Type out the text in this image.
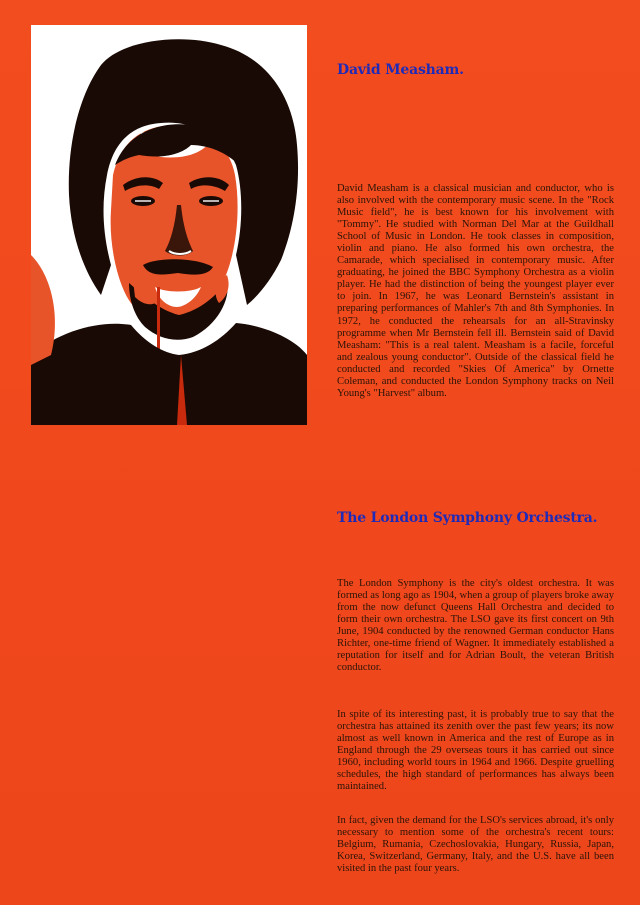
David Measham.
David Measham is a classical musician and conductor, who is also involved with the contemporary music scene. In the "Rock Music field", he is best known for his involvement with "Tommy". He studied with Norman Del Mar at the Guildhall School of Music in London. He took classes in composition, violin and piano. He also formed his own orchestra, the Camarade, which specialised in contemporary music. After graduating, he joined the BBC Symphony Orchestra as a violin player. He had the distinction of being the youngest player ever to join. In 1967, he was Leonard Bernstein's assistant in preparing performances of Mahler's 7th and 8th Symphonies. In 1972, he conducted the rehearsals for an all-Stravinsky programme when Mr Bernstein fell ill. Bernstein said of David Measham: "This is a real talent. Measham is a facile, forceful and zealous young conductor". Outside of the classical field he conducted and recorded "Skies Of America" by Ornette Coleman, and conducted the London Symphony tracks on Neil Young's "Harvest" album.
The London Symphony Orchestra.
The London Symphony is the city's oldest orchestra. It was formed as long ago as 1904, when a group of players broke away from the now defunct Queens Hall Orchestra and decided to form their own orchestra. The LSO gave its first concert on 9th June, 1904 conducted by the renowned German conductor Hans Richter, one-time friend of Wagner. It immediately established a reputation for itself and for Adrian Boult, the veteran British conductor.
In spite of its interesting past, it is probably true to say that the orchestra has attained its zenith over the past few years; its now almost as well known in America and the rest of Europe as in England through the 29 overseas tours it has carried out since 1960, including world tours in 1964 and 1966. Despite gruelling schedules, the high standard of performances has always been maintained.
In fact, given the demand for the LSO's services abroad, it's only necessary to mention some of the orchestra's recent tours: Belgium, Rumania, Czechoslovakia, Hungary, Russia, Japan, Korea, Switzerland, Germany, Italy, and the U.S. have all been visited in the past four years.
